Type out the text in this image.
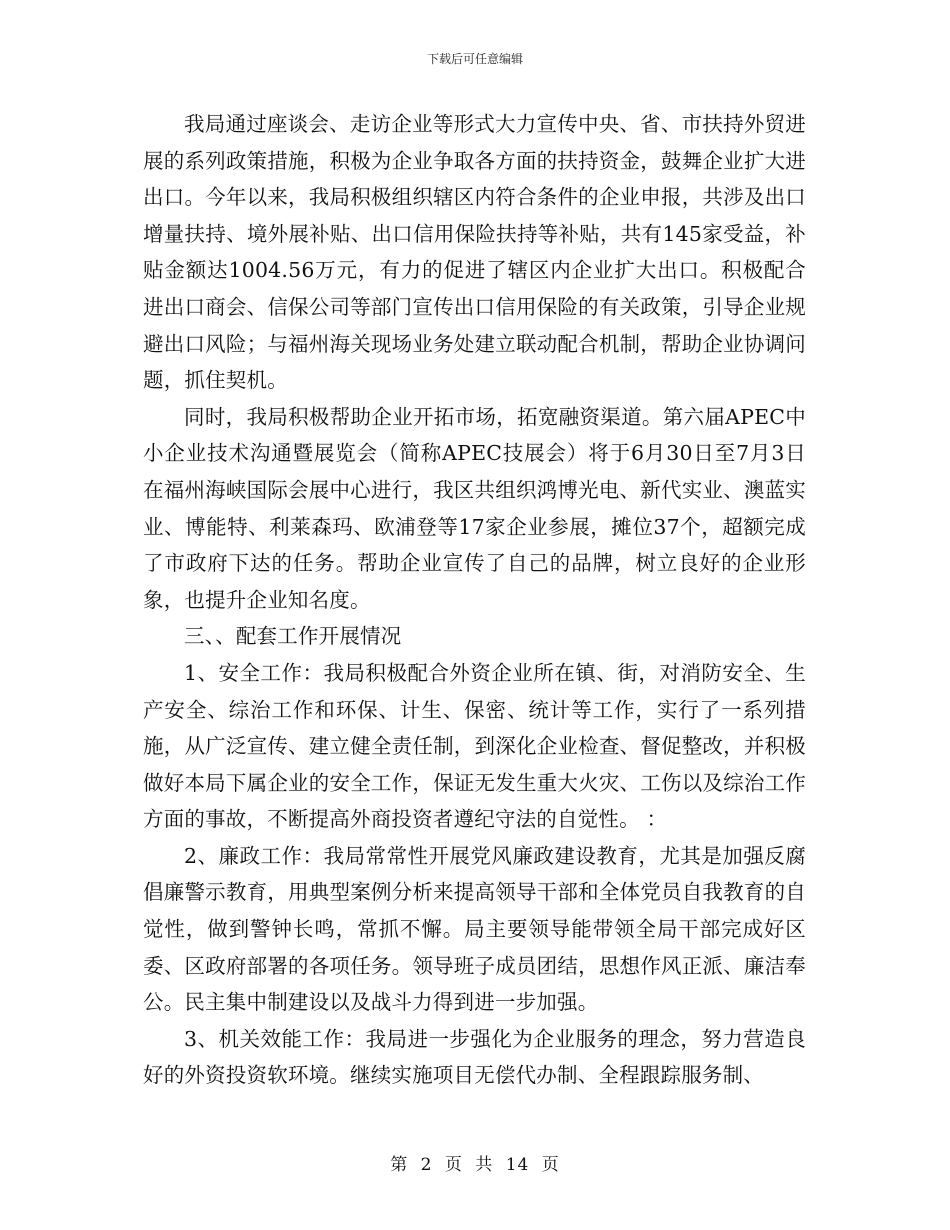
下载后可任意编辑

我局通过座谈会、走访企业等形式大力宣传中央、省、市扶持外贸进展的系列政策措施，积极为企业争取各方面的扶持资金，鼓舞企业扩大进出口。今年以来，我局积极组织辖区内符合条件的企业申报，共涉及出口增量扶持、境外展补贴、出口信用保险扶持等补贴，共有145家受益，补贴金额达1004.56万元，有力的促进了辖区内企业扩大出口。积极配合进出口商会、信保公司等部门宣传出口信用保险的有关政策，引导企业规避出口风险；与福州海关现场业务处建立联动配合机制，帮助企业协调问题，抓住契机。

同时，我局积极帮助企业开拓市场，拓宽融资渠道。第六届APEC中小企业技术沟通暨展览会（简称APEC技展会）将于6月30日至7月3日在福州海峡国际会展中心进行，我区共组织鸿博光电、新代实业、澳蓝实业、博能特、利莱森玛、欧浦登等17家企业参展，摊位37个，超额完成了市政府下达的任务。帮助企业宣传了自己的品牌，树立良好的企业形象，也提升企业知名度。

三、、配套工作开展情况

1、安全工作：我局积极配合外资企业所在镇、街，对消防安全、生产安全、综治工作和环保、计生、保密、统计等工作，实行了一系列措施，从广泛宣传、建立健全责任制，到深化企业检查、督促整改，并积极做好本局下属企业的安全工作，保证无发生重大火灾、工伤以及综治工作方面的事故，不断提高外商投资者遵纪守法的自觉性。 ：

2、廉政工作：我局常常性开展党风廉政建设教育，尤其是加强反腐倡廉警示教育，用典型案例分析来提高领导干部和全体党员自我教育的自觉性，做到警钟长鸣，常抓不懈。局主要领导能带领全局干部完成好区委、区政府部署的各项任务。领导班子成员团结，思想作风正派、廉洁奉公。民主集中制建设以及战斗力得到进一步加强。

3、机关效能工作：我局进一步强化为企业服务的理念，努力营造良好的外资投资软环境。继续实施项目无偿代办制、全程跟踪服务制、

第 2 页 共 14 页
